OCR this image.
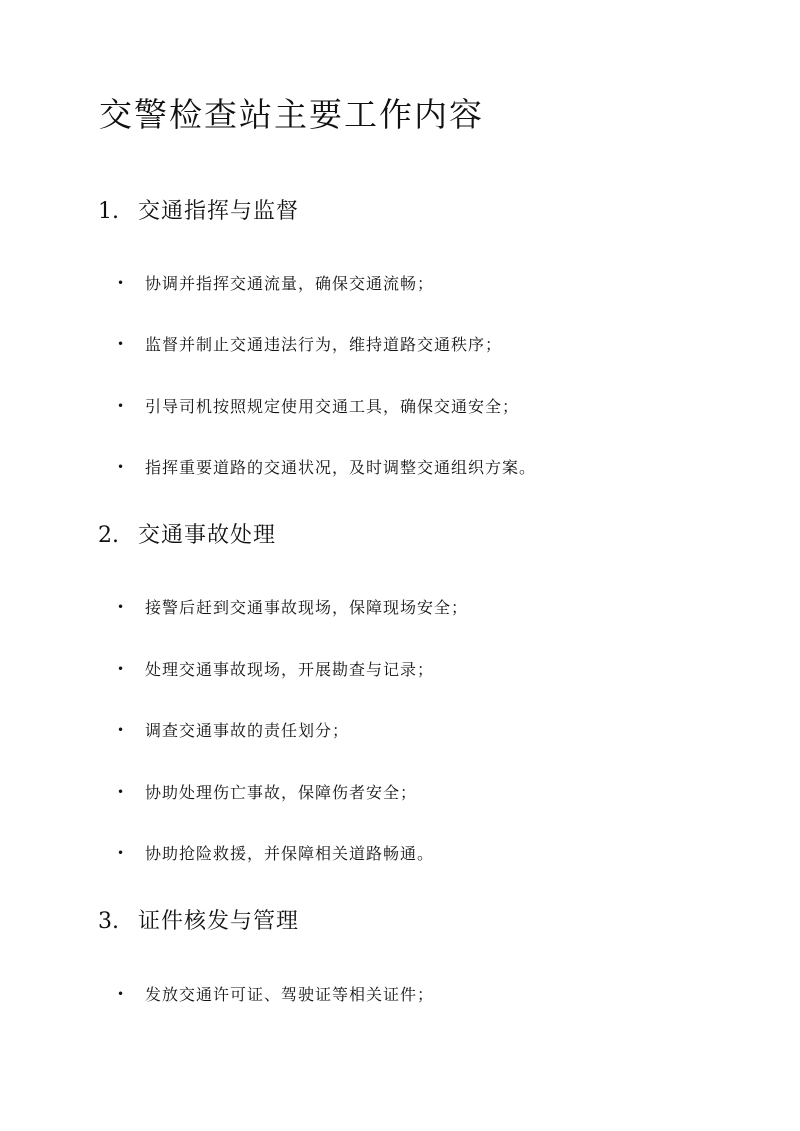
交警检查站主要工作内容
1. 交通指挥与监督

• 协调并指挥交通流量，确保交通流畅；

• 监督并制止交通违法行为，维持道路交通秩序；

• 引导司机按照规定使用交通工具，确保交通安全；

• 指挥重要道路的交通状况，及时调整交通组织方案。

2. 交通事故处理

• 接警后赶到交通事故现场，保障现场安全；

• 处理交通事故现场，开展勘查与记录；

• 调查交通事故的责任划分；

• 协助处理伤亡事故，保障伤者安全；

• 协助抢险救援，并保障相关道路畅通。

3. 证件核发与管理

• 发放交通许可证、驾驶证等相关证件；
